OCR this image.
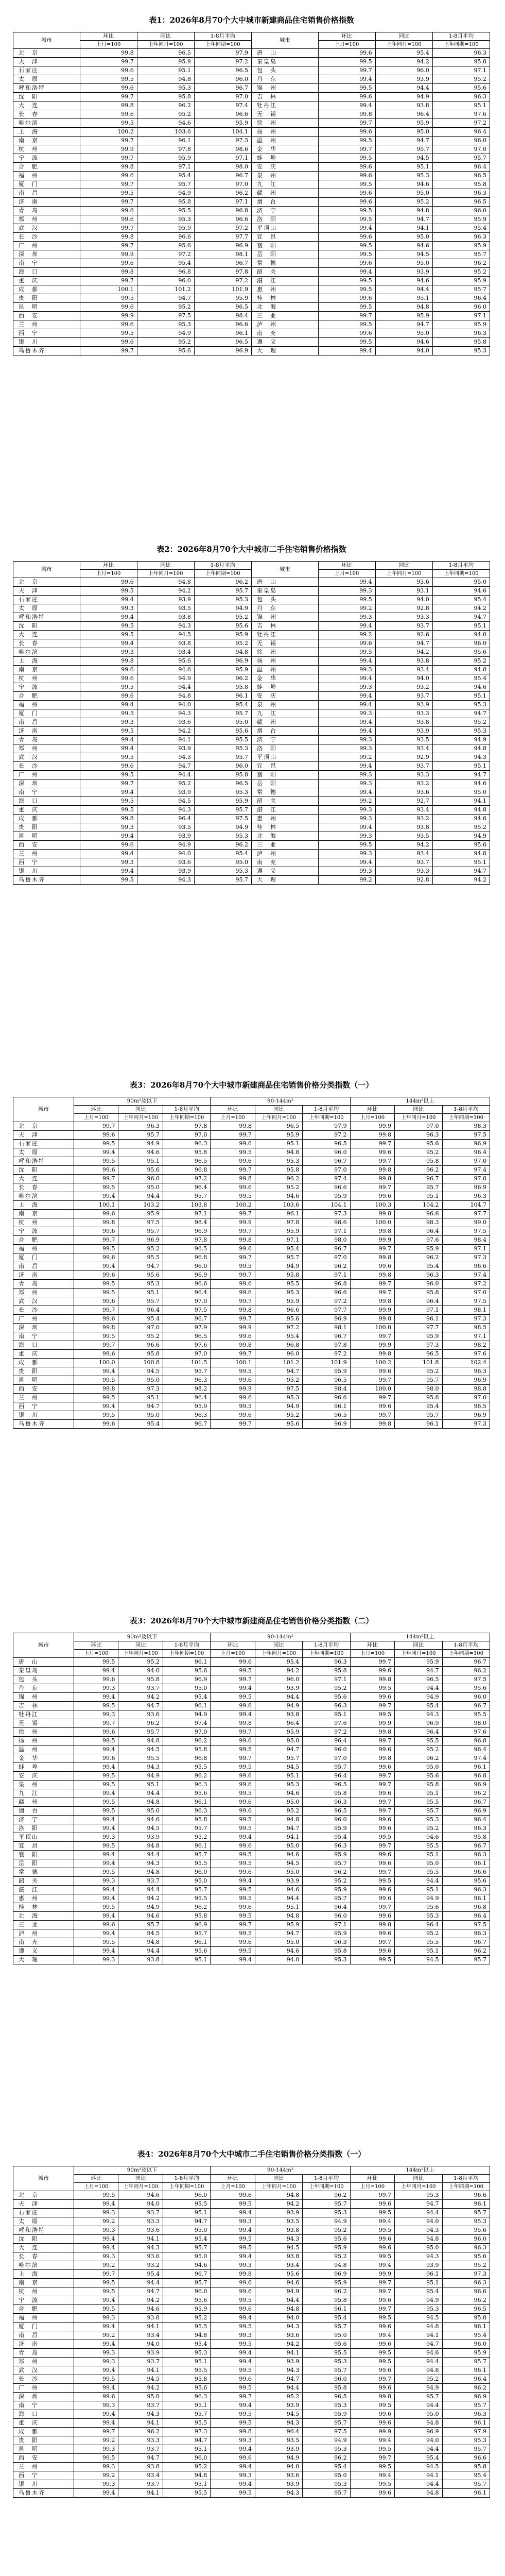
表1：2026年8月70个大中城市新建商品住宅销售价格指数
城市	环比	同比	1-8月平均	城市	环比	同比	1-8月平均
	上月=100	上年同月=100	上年同期=100		上月=100	上年同月=100	上年同期=100
北　京	99.8	96.5	97.9	唐　山	99.6	95.4	96.3
天　津	99.7	95.9	97.2	秦皇岛	99.5	94.2	95.8
石家庄	99.6	95.1	96.5	包　头	99.7	96.0	97.1
太　原	99.5	94.8	96.0	丹　东	99.4	93.9	95.2
呼和浩特	99.6	95.3	96.7	锦　州	99.5	94.4	95.6
沈　阳	99.7	95.8	97.0	吉　林	99.6	94.9	96.3
大　连	99.8	96.2	97.4	牡丹江	99.4	93.8	95.1
长　春	99.6	95.2	96.6	无　锡	99.8	96.4	97.6
哈尔滨	99.5	94.6	95.9	徐　州	99.7	95.9	97.2
上　海	100.2	103.6	104.1	扬　州	99.6	95.0	96.4
南　京	99.7	96.1	97.3	温　州	99.5	94.7	96.0
杭　州	99.9	97.8	98.6	金　华	99.7	95.7	97.0
宁　波	99.7	95.9	97.1	蚌　埠	99.5	94.5	95.7
合　肥	99.8	97.1	98.0	安　庆	99.6	95.1	96.4
福　州	99.6	95.4	96.7	泉　州	99.6	95.3	96.5
厦　门	99.7	95.7	97.0	九　江	99.5	94.6	95.8
南　昌	99.5	94.9	96.2	赣　州	99.6	95.0	96.3
济　南	99.7	95.8	97.1	烟　台	99.6	95.2	96.5
青　岛	99.6	95.5	96.8	济　宁	99.5	94.8	96.0
郑　州	99.6	95.3	96.6	洛　阳	99.5	94.7	95.9
武　汉	99.7	95.9	97.2	平顶山	99.4	94.1	95.4
长　沙	99.8	96.6	97.7	宜　昌	99.6	95.0	96.3
广　州	99.7	95.6	96.9	襄　阳	99.5	94.6	95.9
深　圳	99.9	97.2	98.1	岳　阳	99.5	94.5	95.7
南　宁	99.6	95.4	96.7	常　德	99.6	95.0	96.2
海　口	99.8	96.8	97.8	韶　关	99.4	93.9	95.2
重　庆	99.7	96.0	97.2	湛　江	99.5	94.6	95.9
成　都	100.1	101.2	101.9	惠　州	99.5	94.4	95.7
贵　阳	99.5	94.7	95.9	桂　林	99.6	95.1	96.4
昆　明	99.6	95.2	96.5	北　海	99.5	94.8	96.0
西　安	99.9	97.5	98.4	三　亚	99.7	95.9	97.1
兰　州	99.6	95.3	96.6	泸　州	99.5	94.7	95.9
西　宁	99.5	94.9	96.1	南　充	99.6	95.0	96.3
银　川	99.6	95.2	96.5	遵　义	99.5	94.6	95.8
乌鲁木齐	99.7	95.6	96.9	大　理	99.4	94.0	95.3
表2：2026年8月70个大中城市二手住宅销售价格指数
城市	环比	同比	1-8月平均	城市	环比	同比	1-8月平均
	上月=100	上年同月=100	上年同期=100		上月=100	上年同月=100	上年同期=100
北　京	99.6	94.8	96.2	唐　山	99.4	93.6	95.0
天　津	99.5	94.2	95.7	秦皇岛	99.3	93.1	94.6
石家庄	99.4	93.9	95.3	包　头	99.5	94.0	95.4
太　原	99.3	93.5	94.9	丹　东	99.2	92.8	94.2
呼和浩特	99.4	93.8	95.2	锦　州	99.3	93.3	94.7
沈　阳	99.5	94.3	95.6	吉　林	99.4	93.7	95.1
大　连	99.5	94.5	95.9	牡丹江	99.2	92.6	94.0
长　春	99.4	93.8	95.2	无　锡	99.6	94.7	96.0
哈尔滨	99.3	93.4	94.8	徐　州	99.5	94.2	95.6
上　海	99.8	95.6	96.9	扬　州	99.4	93.8	95.2
南　京	99.6	94.6	95.9	温　州	99.3	93.4	94.8
杭　州	99.6	94.9	96.2	金　华	99.4	94.0	95.4
宁　波	99.5	94.4	95.8	蚌　埠	99.3	93.2	94.6
合　肥	99.6	94.8	96.1	安　庆	99.4	93.7	95.1
福　州	99.4	94.0	95.4	泉　州	99.4	93.9	95.3
厦　门	99.5	94.3	95.7	九　江	99.3	93.3	94.7
南　昌	99.3	93.6	95.0	赣　州	99.4	93.8	95.2
济　南	99.5	94.2	95.6	烟　台	99.4	93.9	95.3
青　岛	99.4	94.1	95.5	济　宁	99.3	93.5	94.9
郑　州	99.4	93.9	95.3	洛　阳	99.3	93.4	94.8
武　汉	99.5	94.3	95.7	平顶山	99.2	92.9	94.3
长　沙	99.6	94.7	96.0	宜　昌	99.4	93.7	95.1
广　州	99.5	94.4	95.8	襄　阳	99.3	93.3	94.7
深　圳	99.7	95.2	96.5	岳　阳	99.3	93.2	94.6
南　宁	99.4	93.9	95.3	常　德	99.4	93.6	95.0
海　口	99.5	94.5	95.9	韶　关	99.2	92.7	94.1
重　庆	99.5	94.3	95.7	湛　江	99.3	93.4	94.8
成　都	99.8	96.4	97.5	惠　州	99.3	93.2	94.6
贵　阳	99.3	93.5	94.9	桂　林	99.4	93.8	95.2
昆　明	99.4	93.9	95.3	北　海	99.3	93.5	94.9
西　安	99.6	94.9	96.2	三　亚	99.5	94.2	95.6
兰　州	99.4	94.0	95.4	泸　州	99.3	93.4	94.8
西　宁	99.3	93.6	95.0	南　充	99.4	93.7	95.1
银　川	99.4	93.9	95.3	遵　义	99.3	93.3	94.7
乌鲁木齐	99.5	94.3	95.7	大　理	99.2	92.8	94.2
表3：2026年8月70个大中城市新建商品住宅销售价格分类指数（一）
城市	90m²及以下			90-144m²			144m²以上		
	环比	同比	1-8月平均	环比	同比	1-8月平均	环比	同比	1-8月平均
	上月=100	上年同月=100	上年同期=100	上月=100	上年同月=100	上年同期=100	上月=100	上年同月=100	上年同期=100
北　京	99.7	96.3	97.8	99.8	96.5	97.9	99.9	97.0	98.3
天　津	99.6	95.7	97.0	99.7	95.9	97.2	99.8	96.3	97.5
石家庄	99.5	94.9	96.3	99.6	95.1	96.5	99.7	95.6	96.9
太　原	99.4	94.6	95.8	99.5	94.8	96.0	99.6	95.2	96.4
呼和浩特	99.5	95.1	96.5	99.6	95.3	96.7	99.7	95.8	97.0
沈　阳	99.6	95.6	96.8	99.7	95.8	97.0	99.8	96.2	97.4
大　连	99.7	96.0	97.2	99.8	96.2	97.4	99.8	96.7	97.8
长　春	99.5	95.0	96.4	99.6	95.2	96.6	99.7	95.7	96.9
哈尔滨	99.4	94.4	95.7	99.5	94.6	95.9	99.6	95.1	96.3
上　海	100.1	103.2	103.8	100.2	103.6	104.1	100.3	104.2	104.7
南　京	99.6	95.9	97.1	99.7	96.1	97.3	99.8	96.6	97.7
杭　州	99.8	97.5	98.4	99.9	97.8	98.6	100.0	98.3	99.0
宁　波	99.6	95.7	96.9	99.7	95.9	97.1	99.8	96.4	97.5
合　肥	99.7	96.9	97.8	99.8	97.1	98.0	99.9	97.6	98.4
福　州	99.5	95.2	96.5	99.6	95.4	96.7	99.7	95.9	97.1
厦　门	99.6	95.5	96.8	99.7	95.7	97.0	99.8	96.2	97.3
南　昌	99.4	94.7	96.0	99.5	94.9	96.2	99.6	95.4	96.6
济　南	99.6	95.6	96.9	99.7	95.8	97.1	99.8	96.3	97.4
青　岛	99.5	95.3	96.6	99.6	95.5	96.8	99.7	96.0	97.2
郑　州	99.5	95.1	96.4	99.6	95.3	96.6	99.7	95.8	97.0
武　汉	99.6	95.7	97.0	99.7	95.9	97.2	99.8	96.4	97.5
长　沙	99.7	96.4	97.5	99.8	96.6	97.7	99.9	97.1	98.1
广　州	99.6	95.4	96.7	99.7	95.6	96.9	99.8	96.1	97.3
深　圳	99.8	97.0	97.9	99.9	97.2	98.1	100.0	97.7	98.5
南　宁	99.5	95.2	96.5	99.6	95.4	96.7	99.7	95.9	97.1
海　口	99.7	96.6	97.6	99.8	96.8	97.8	99.9	97.3	98.2
重　庆	99.6	95.8	97.0	99.7	96.0	97.2	99.8	96.5	97.6
成　都	100.0	100.8	101.5	100.1	101.2	101.9	100.2	101.8	102.4
贵　阳	99.4	94.5	95.7	99.5	94.7	95.9	99.6	95.2	96.3
昆　明	99.5	95.0	96.3	99.6	95.2	96.5	99.7	95.7	96.9
西　安	99.8	97.3	98.2	99.9	97.5	98.4	100.0	98.0	98.8
兰　州	99.5	95.1	96.4	99.6	95.3	96.6	99.7	95.8	97.0
西　宁	99.4	94.7	95.9	99.5	94.9	96.1	99.6	95.4	96.5
银　川	99.5	95.0	96.3	99.6	95.2	96.5	99.7	95.7	96.9
乌鲁木齐	99.6	95.4	96.7	99.7	95.6	96.9	99.8	96.1	97.3
表3：2026年8月70个大中城市新建商品住宅销售价格分类指数（二）
城市	90m²及以下			90-144m²			144m²以上		
	环比	同比	1-8月平均	环比	同比	1-8月平均	环比	同比	1-8月平均
	上月=100	上年同月=100	上年同期=100	上月=100	上年同月=100	上年同期=100	上月=100	上年同月=100	上年同期=100
唐　山	99.5	95.2	96.1	99.6	95.4	96.3	99.7	95.9	96.7
秦皇岛	99.4	94.0	95.6	99.5	94.2	95.8	99.6	94.7	96.2
包　头	99.6	95.8	96.9	99.7	96.0	97.1	99.8	96.5	97.5
丹　东	99.3	93.7	95.0	99.4	93.9	95.2	99.5	94.4	95.6
锦　州	99.4	94.2	95.4	99.5	94.4	95.6	99.6	94.9	96.0
吉　林	99.5	94.7	96.1	99.6	94.9	96.3	99.7	95.4	96.7
牡丹江	99.3	93.6	94.9	99.4	93.8	95.1	99.5	94.3	95.5
无　锡	99.7	96.2	97.4	99.8	96.4	97.6	99.9	96.9	98.0
徐　州	99.6	95.7	97.0	99.7	95.9	97.2	99.8	96.4	97.6
扬　州	99.5	94.8	96.2	99.6	95.0	96.4	99.7	95.5	96.8
温　州	99.4	94.5	95.8	99.5	94.7	96.0	99.6	95.2	96.4
金　华	99.6	95.5	96.8	99.7	95.7	97.0	99.8	96.2	97.4
蚌　埠	99.4	94.3	95.5	99.5	94.5	95.7	99.6	95.0	96.1
安　庆	99.5	94.9	96.2	99.6	95.1	96.4	99.7	95.6	96.8
泉　州	99.5	95.1	96.3	99.6	95.3	96.5	99.7	95.8	96.9
九　江	99.4	94.4	95.6	99.5	94.6	95.8	99.6	95.1	96.2
赣　州	99.5	94.8	96.1	99.6	95.0	96.3	99.7	95.5	96.7
烟　台	99.5	95.0	96.3	99.6	95.2	96.5	99.7	95.7	96.9
济　宁	99.4	94.6	95.8	99.5	94.8	96.0	99.6	95.3	96.4
洛　阳	99.4	94.5	95.7	99.5	94.7	95.9	99.6	95.2	96.3
平顶山	99.3	93.9	95.2	99.4	94.1	95.4	99.5	94.6	95.8
宜　昌	99.5	94.8	96.1	99.6	95.0	96.3	99.7	95.5	96.7
襄　阳	99.4	94.4	95.7	99.5	94.6	95.9	99.6	95.1	96.3
岳　阳	99.4	94.3	95.5	99.5	94.5	95.7	99.6	95.0	96.1
常　德	99.5	94.8	96.0	99.6	95.0	96.2	99.7	95.5	96.6
韶　关	99.3	93.7	95.0	99.4	93.9	95.2	99.5	94.4	95.6
湛　江	99.4	94.4	95.7	99.5	94.6	95.9	99.6	95.1	96.3
惠　州	99.4	94.2	95.5	99.5	94.4	95.7	99.6	94.9	96.1
桂　林	99.5	94.9	96.2	99.6	95.1	96.4	99.7	95.6	96.8
北　海	99.4	94.6	95.8	99.5	94.8	96.0	99.6	95.3	96.4
三　亚	99.6	95.7	96.9	99.7	95.9	97.1	99.8	96.4	97.5
泸　州	99.4	94.5	95.7	99.5	94.7	95.9	99.6	95.2	96.3
南　充	99.5	94.8	96.1	99.6	95.0	96.3	99.7	95.5	96.7
遵　义	99.4	94.4	95.6	99.5	94.6	95.8	99.6	95.1	96.2
大　理	99.3	93.8	95.1	99.4	94.0	95.3	99.5	94.5	95.7
表4：2026年8月70个大中城市二手住宅销售价格分类指数（一）
城市	90m²及以下			90-144m²			144m²以上		
	环比	同比	1-8月平均	环比	同比	1-8月平均	环比	同比	1-8月平均
	上月=100	上年同月=100	上年同期=100	上月=100	上年同月=100	上年同期=100	上月=100	上年同月=100	上年同期=100
北　京	99.5	94.6	96.0	99.6	94.8	96.2	99.7	95.3	96.6
天　津	99.4	94.0	95.5	99.5	94.2	95.7	99.6	94.7	96.1
石家庄	99.3	93.7	95.1	99.4	93.9	95.3	99.5	94.4	95.7
太　原	99.2	93.3	94.7	99.3	93.5	94.9	99.4	94.0	95.3
呼和浩特	99.3	93.6	95.0	99.4	93.8	95.2	99.5	94.3	95.6
沈　阳	99.4	94.1	95.4	99.5	94.3	95.6	99.6	94.8	96.0
大　连	99.4	94.3	95.7	99.5	94.5	95.9	99.6	95.0	96.3
长　春	99.3	93.6	95.0	99.4	93.8	95.2	99.5	94.3	95.6
哈尔滨	99.2	93.2	94.6	99.3	93.4	94.8	99.4	93.9	95.2
上　海	99.7	95.4	96.7	99.8	95.6	96.9	99.9	96.1	97.3
南　京	99.5	94.4	95.7	99.6	94.6	95.9	99.7	95.1	96.3
杭　州	99.5	94.7	96.0	99.6	94.9	96.2	99.7	95.4	96.6
宁　波	99.4	94.2	95.6	99.5	94.4	95.8	99.6	94.9	96.2
合　肥	99.5	94.6	95.9	99.6	94.8	96.1	99.7	95.3	96.5
福　州	99.3	93.8	95.2	99.4	94.0	95.4	99.5	94.5	95.8
厦　门	99.4	94.1	95.5	99.5	94.3	95.7	99.6	94.8	96.1
南　昌	99.2	93.4	94.8	99.3	93.6	95.0	99.4	94.1	95.4
济　南	99.4	94.0	95.4	99.5	94.2	95.6	99.6	94.7	96.0
青　岛	99.3	93.9	95.3	99.4	94.1	95.5	99.5	94.6	95.9
郑　州	99.3	93.7	95.1	99.4	93.9	95.3	99.5	94.4	95.7
武　汉	99.4	94.1	95.5	99.5	94.3	95.7	99.6	94.8	96.1
长　沙	99.5	94.5	95.8	99.6	94.7	96.0	99.7	95.2	96.4
广　州	99.4	94.2	95.6	99.5	94.4	95.8	99.6	94.9	96.2
深　圳	99.6	95.0	96.3	99.7	95.2	96.5	99.8	95.7	96.9
南　宁	99.3	93.7	95.1	99.4	93.9	95.3	99.5	94.4	95.7
海　口	99.4	94.3	95.7	99.5	94.5	95.9	99.6	95.0	96.3
重　庆	99.4	94.1	95.5	99.5	94.3	95.7	99.6	94.8	96.1
成　都	99.7	96.2	97.3	99.8	96.4	97.5	99.9	96.9	97.9
贵　阳	99.2	93.3	94.7	99.3	93.5	94.9	99.4	94.0	95.3
昆　明	99.3	93.7	95.1	99.4	93.9	95.3	99.5	94.4	95.7
西　安	99.5	94.7	96.0	99.6	94.9	96.2	99.7	95.4	96.6
兰　州	99.3	93.8	95.2	99.4	94.0	95.4	99.5	94.5	95.8
西　宁	99.2	93.4	94.8	99.3	93.6	95.0	99.4	94.1	95.4
银　川	99.3	93.7	95.1	99.4	93.9	95.3	99.5	94.4	95.7
乌鲁木齐	99.4	94.1	95.5	99.5	94.3	95.7	99.6	94.8	96.1
